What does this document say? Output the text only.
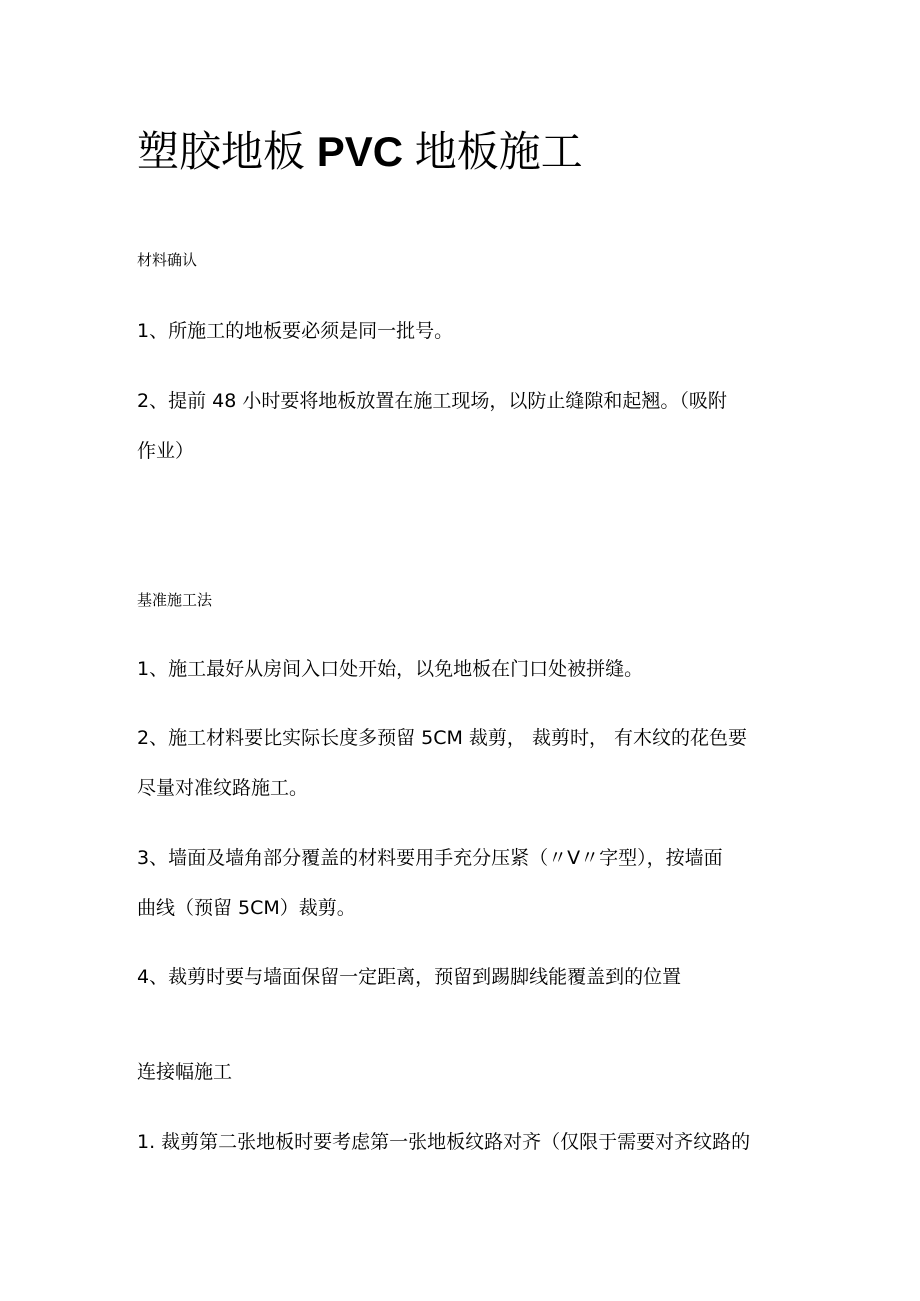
塑胶地板 PVC 地板施工

材料确认

1、所施工的地板要必须是同一批号。

2、提前 48 小时要将地板放置在施工现场，以防止缝隙和起翘。（吸附

作业）

基准施工法

1、施工最好从房间入口处开始，以免地板在门口处被拼缝。

2、施工材料要比实际长度多预留 5CM 裁剪， 裁剪时， 有木纹的花色要

尽量对准纹路施工。

3、墙面及墙角部分覆盖的材料要用手充分压紧（〃V〃字型），按墙面

曲线（预留 5CM）裁剪。

4、裁剪时要与墙面保留一定距离，预留到踢脚线能覆盖到的位置

连接幅施工

1. 裁剪第二张地板时要考虑第一张地板纹路对齐（仅限于需要对齐纹路的
